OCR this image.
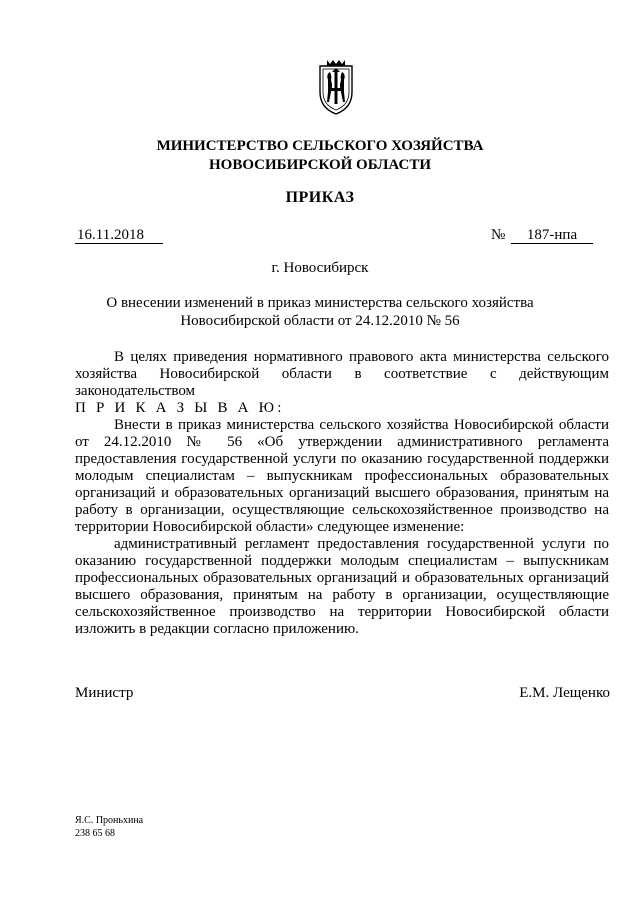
МИНИСТЕРСТВО СЕЛЬСКОГО ХОЗЯЙСТВА
НОВОСИБИРСКОЙ ОБЛАСТИ
ПРИКАЗ
16.11.2018	№	187-нпа
г. Новосибирск
О внесении изменений в приказ министерства сельского хозяйства
Новосибирской области от 24.12.2010 № 56

В целях приведения нормативного правового акта министерства сельского хозяйства Новосибирской области в соответствие с действующим законодательством

П Р И К А З Ы В А Ю:

Внести в приказ министерства сельского хозяйства Новосибирской области от 24.12.2010 № 56 «Об утверждении административного регламента предоставления государственной услуги по оказанию государственной поддержки молодым специалистам – выпускникам профессиональных образовательных организаций и образовательных организаций высшего образования, принятым на работу в организации, осуществляющие сельскохозяйственное производство на территории Новосибирской области» следующее изменение:

административный регламент предоставления государственной услуги по оказанию государственной поддержки молодым специалистам – выпускникам профессиональных образовательных организаций и образовательных организаций высшего образования, принятым на работу в организации, осуществляющие сельскохозяйственное производство на территории Новосибирской области изложить в редакции согласно приложению.

Министр	Е.М. Лещенко
Я.С. Проньхина
238 65 68
